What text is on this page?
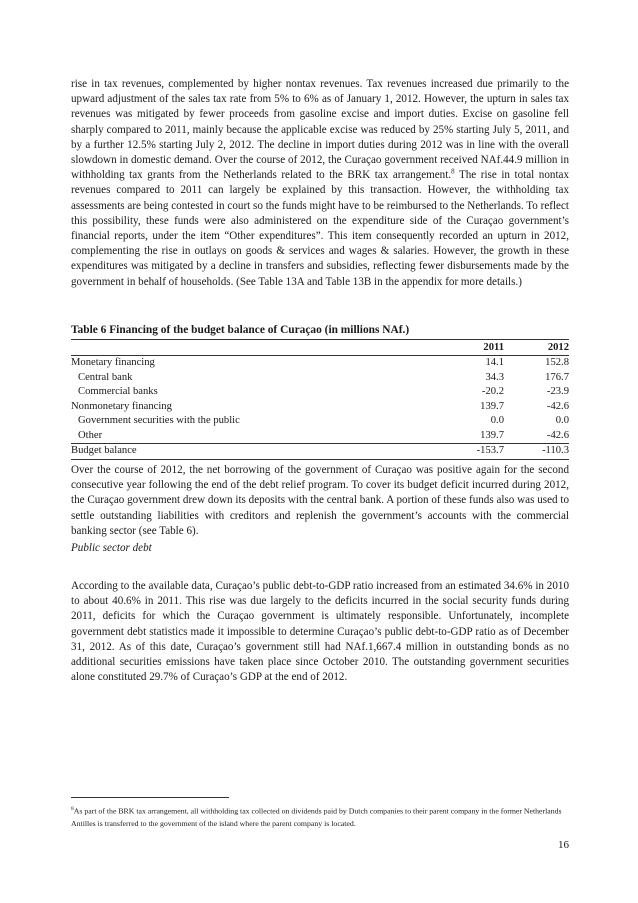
rise in tax revenues, complemented by higher nontax revenues. Tax revenues increased due primarily to the upward adjustment of the sales tax rate from 5% to 6% as of January 1, 2012. However, the upturn in sales tax revenues was mitigated by fewer proceeds from gasoline excise and import duties. Excise on gasoline fell sharply compared to 2011, mainly because the applicable excise was reduced by 25% starting July 5, 2011, and by a further 12.5% starting July 2, 2012. The decline in import duties during 2012 was in line with the overall slowdown in domestic demand. Over the course of 2012, the Curaçao government received NAf.44.9 million in withholding tax grants from the Netherlands related to the BRK tax arrangement.$^8$ The rise in total nontax revenues compared to 2011 can largely be explained by this transaction. However, the withholding tax assessments are being contested in court so the funds might have to be reimbursed to the Netherlands. To reflect this possibility, these funds were also administered on the expenditure side of the Curaçao government’s financial reports, under the item “Other expenditures”. This item consequently recorded an upturn in 2012, complementing the rise in outlays on goods & services and wages & salaries. However, the growth in these expenditures was mitigated by a decline in transfers and subsidies, reflecting fewer disbursements made by the government in behalf of households. (See Table 13A and Table 13B in the appendix for more details.)

Table 6 Financing of the budget balance of Curaçao (in millions NAf.)

2011	2012
Monetary financing	14.1	152.8
Central bank	34.3	176.7
Commercial banks	-20.2	-23.9
Nonmonetary financing	139.7	-42.6
Government securities with the public	0.0	0.0
Other	139.7	-42.6
Budget balance	-153.7	-110.3

Over the course of 2012, the net borrowing of the government of Curaçao was positive again for the second consecutive year following the end of the debt relief program. To cover its budget deficit incurred during 2012, the Curaçao government drew down its deposits with the central bank. A portion of these funds also was used to settle outstanding liabilities with creditors and replenish the government’s accounts with the commercial banking sector (see Table 6).

Public sector debt

According to the available data, Curaçao’s public debt-to-GDP ratio increased from an estimated 34.6% in 2010 to about 40.6% in 2011. This rise was due largely to the deficits incurred in the social security funds during 2011, deficits for which the Curaçao government is ultimately responsible. Unfortunately, incomplete government debt statistics made it impossible to determine Curaçao’s public debt-to-GDP ratio as of December 31, 2012. As of this date, Curaçao’s government still had NAf.1,667.4 million in outstanding bonds as no additional securities emissions have taken place since October 2010. The outstanding government securities alone constituted 29.7% of Curaçao’s GDP at the end of 2012.

$^8$As part of the BRK tax arrangement, all withholding tax collected on dividends paid by Dutch companies to their parent company in the former Netherlands Antilles is transferred to the government of the island where the parent company is located.

16
